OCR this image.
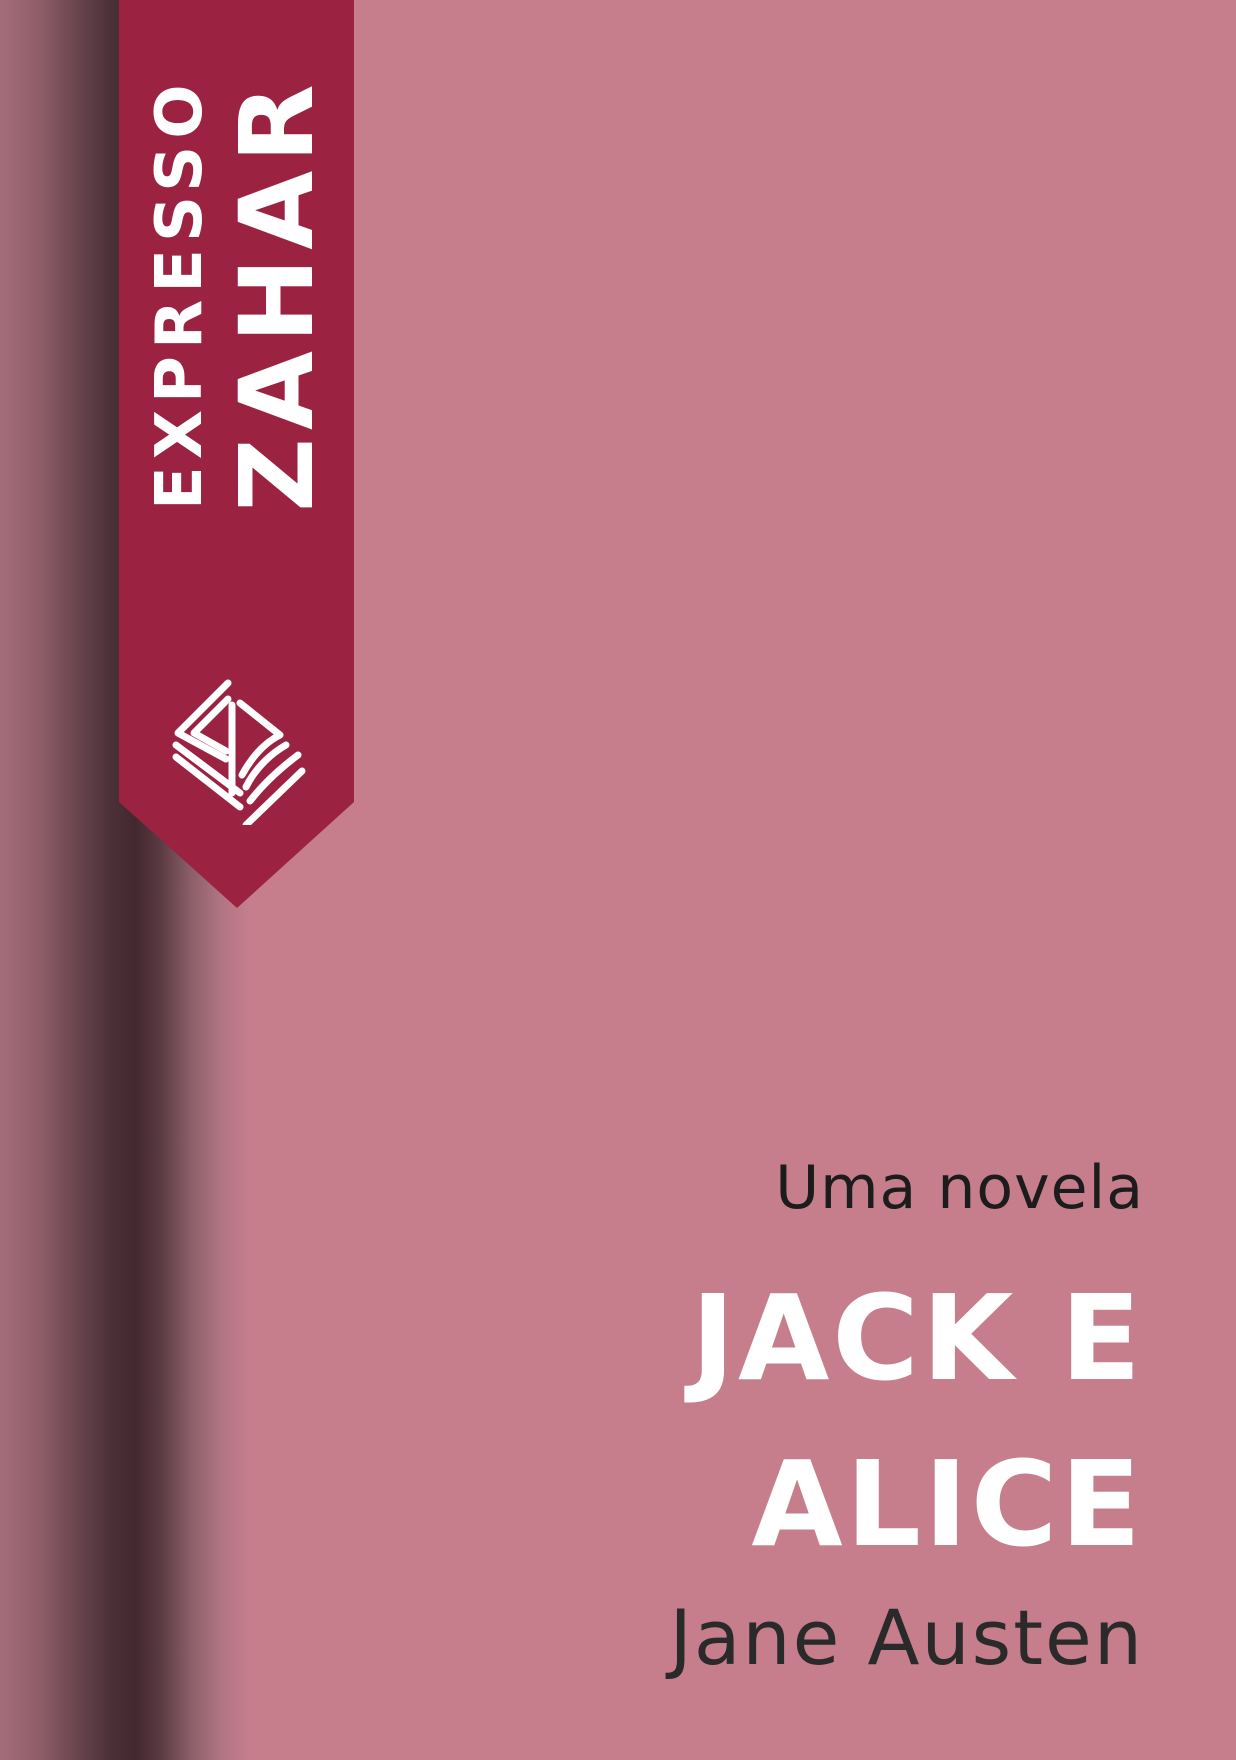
EXPRESSO ZAHAR
Uma novela
JACK E
ALICE
Jane Austen
